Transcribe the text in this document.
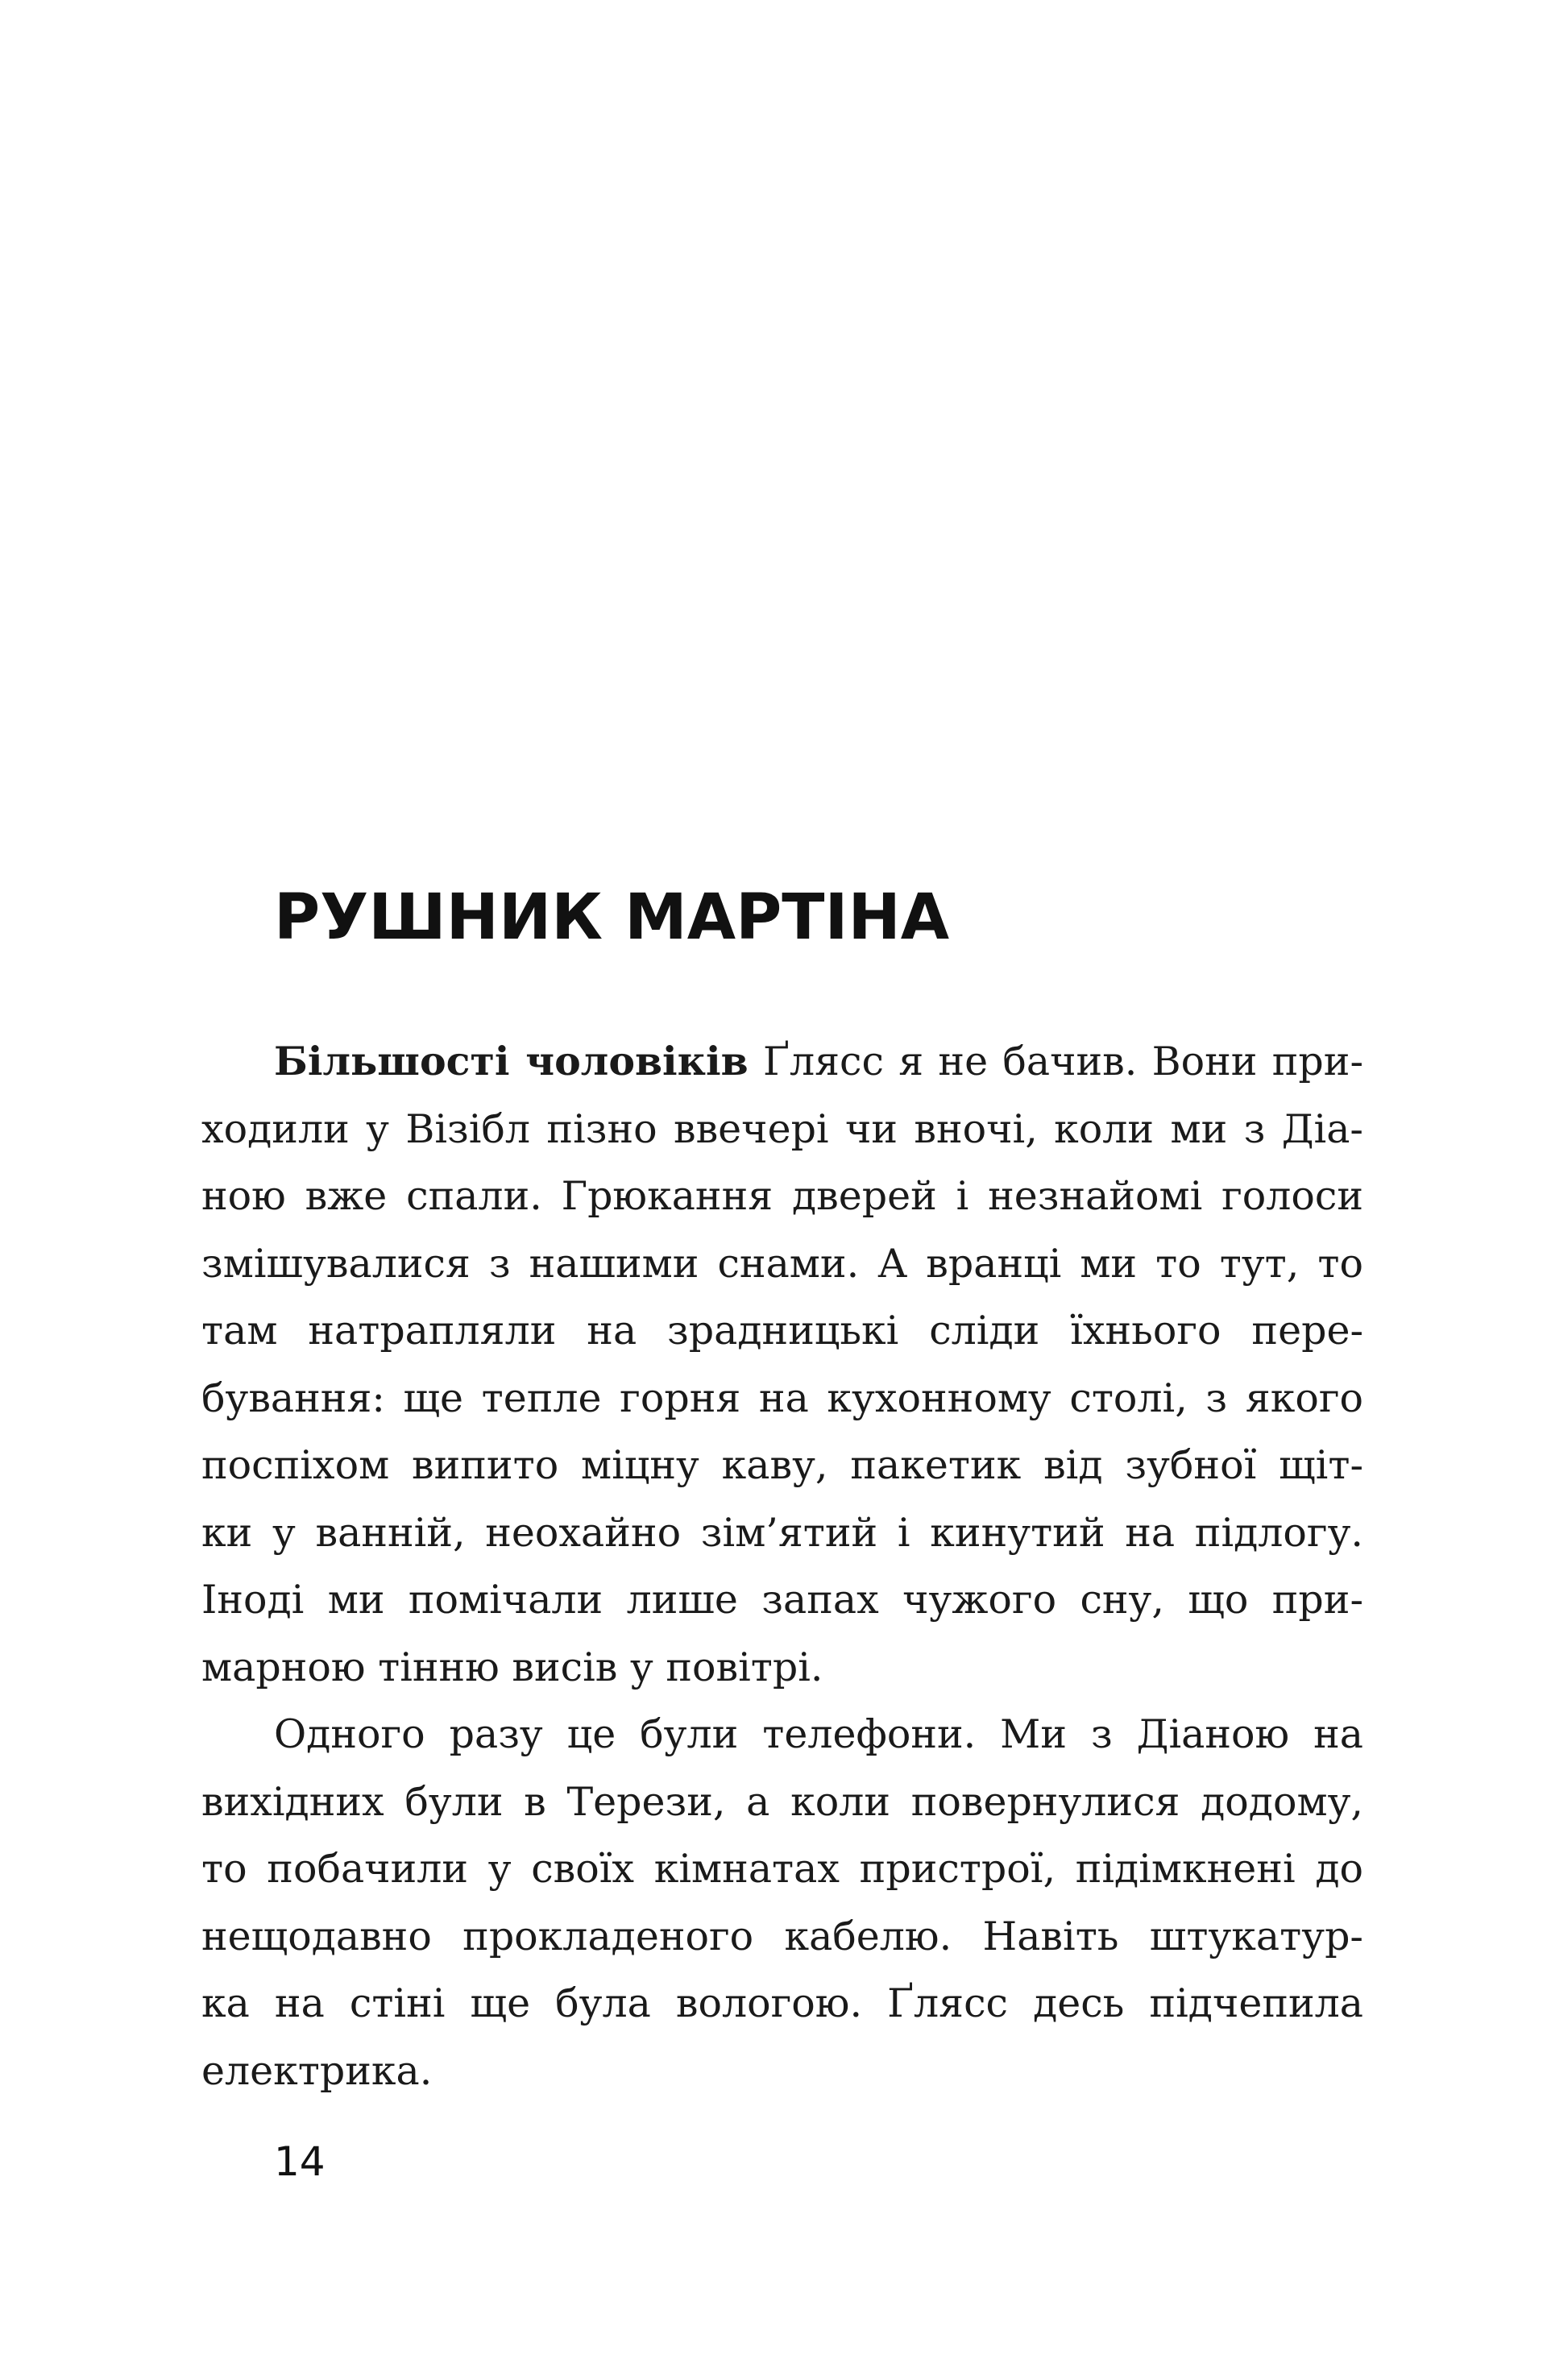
РУШНИК МАРТІНА
Більшості чоловіків Ґлясс я не бачив. Вони при-
ходили у Візібл пізно ввечері чи вночі, коли ми з Діа-
ною вже спали. Грюкання дверей і незнайомі голоси
змішувалися з нашими снами. А вранці ми то тут, то
там натрапляли на зрадницькі сліди їхнього пере-
бування: ще тепле горня на кухонному столі, з якого
поспіхом випито міцну каву, пакетик від зубної щіт-
ки у ванній, неохайно зім’ятий і кинутий на підлогу.
Іноді ми помічали лише запах чужого сну, що при-
марною тінню висів у повітрі.
Одного разу це були телефони. Ми з Діаною на
вихідних були в Терези, а коли повернулися додому,
то побачили у своїх кімнатах пристрої, підімкнені до
нещодавно прокладеного кабелю. Навіть штукатур-
ка на стіні ще була вологою. Ґлясс десь підчепила
електрика.
14
